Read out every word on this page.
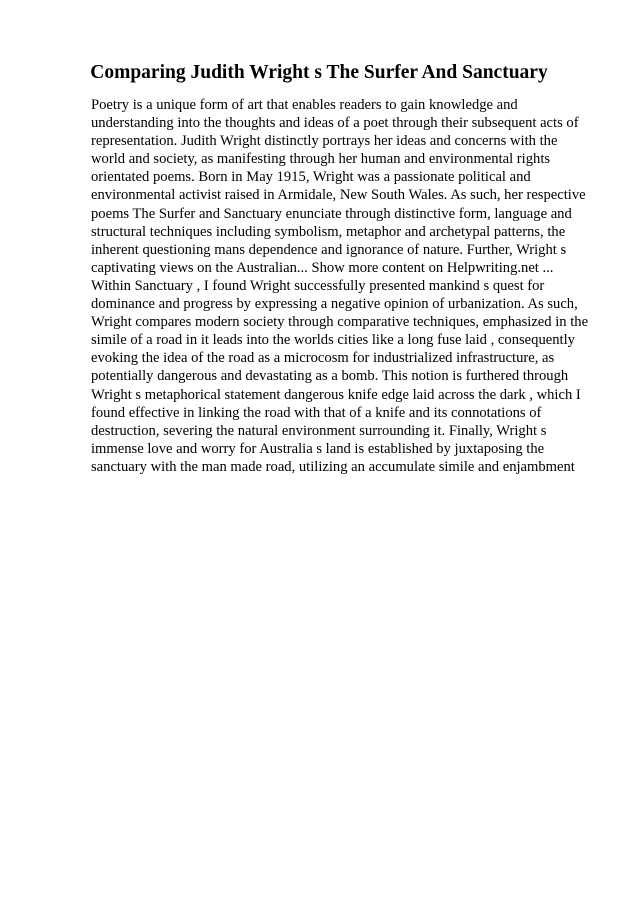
Comparing Judith Wright s The Surfer And Sanctuary
Poetry is a unique form of art that enables readers to gain knowledge and
understanding into the thoughts and ideas of a poet through their subsequent acts of
representation. Judith Wright distinctly portrays her ideas and concerns with the
world and society, as manifesting through her human and environmental rights
orientated poems. Born in May 1915, Wright was a passionate political and
environmental activist raised in Armidale, New South Wales. As such, her respective
poems The Surfer and Sanctuary enunciate through distinctive form, language and
structural techniques including symbolism, metaphor and archetypal patterns, the
inherent questioning mans dependence and ignorance of nature. Further, Wright s
captivating views on the Australian... Show more content on Helpwriting.net ...
Within Sanctuary , I found Wright successfully presented mankind s quest for
dominance and progress by expressing a negative opinion of urbanization. As such,
Wright compares modern society through comparative techniques, emphasized in the
simile of a road in it leads into the worlds cities like a long fuse laid , consequently
evoking the idea of the road as a microcosm for industrialized infrastructure, as
potentially dangerous and devastating as a bomb. This notion is furthered through
Wright s metaphorical statement dangerous knife edge laid across the dark , which I
found effective in linking the road with that of a knife and its connotations of
destruction, severing the natural environment surrounding it. Finally, Wright s
immense love and worry for Australia s land is established by juxtaposing the
sanctuary with the man made road, utilizing an accumulate simile and enjambment
